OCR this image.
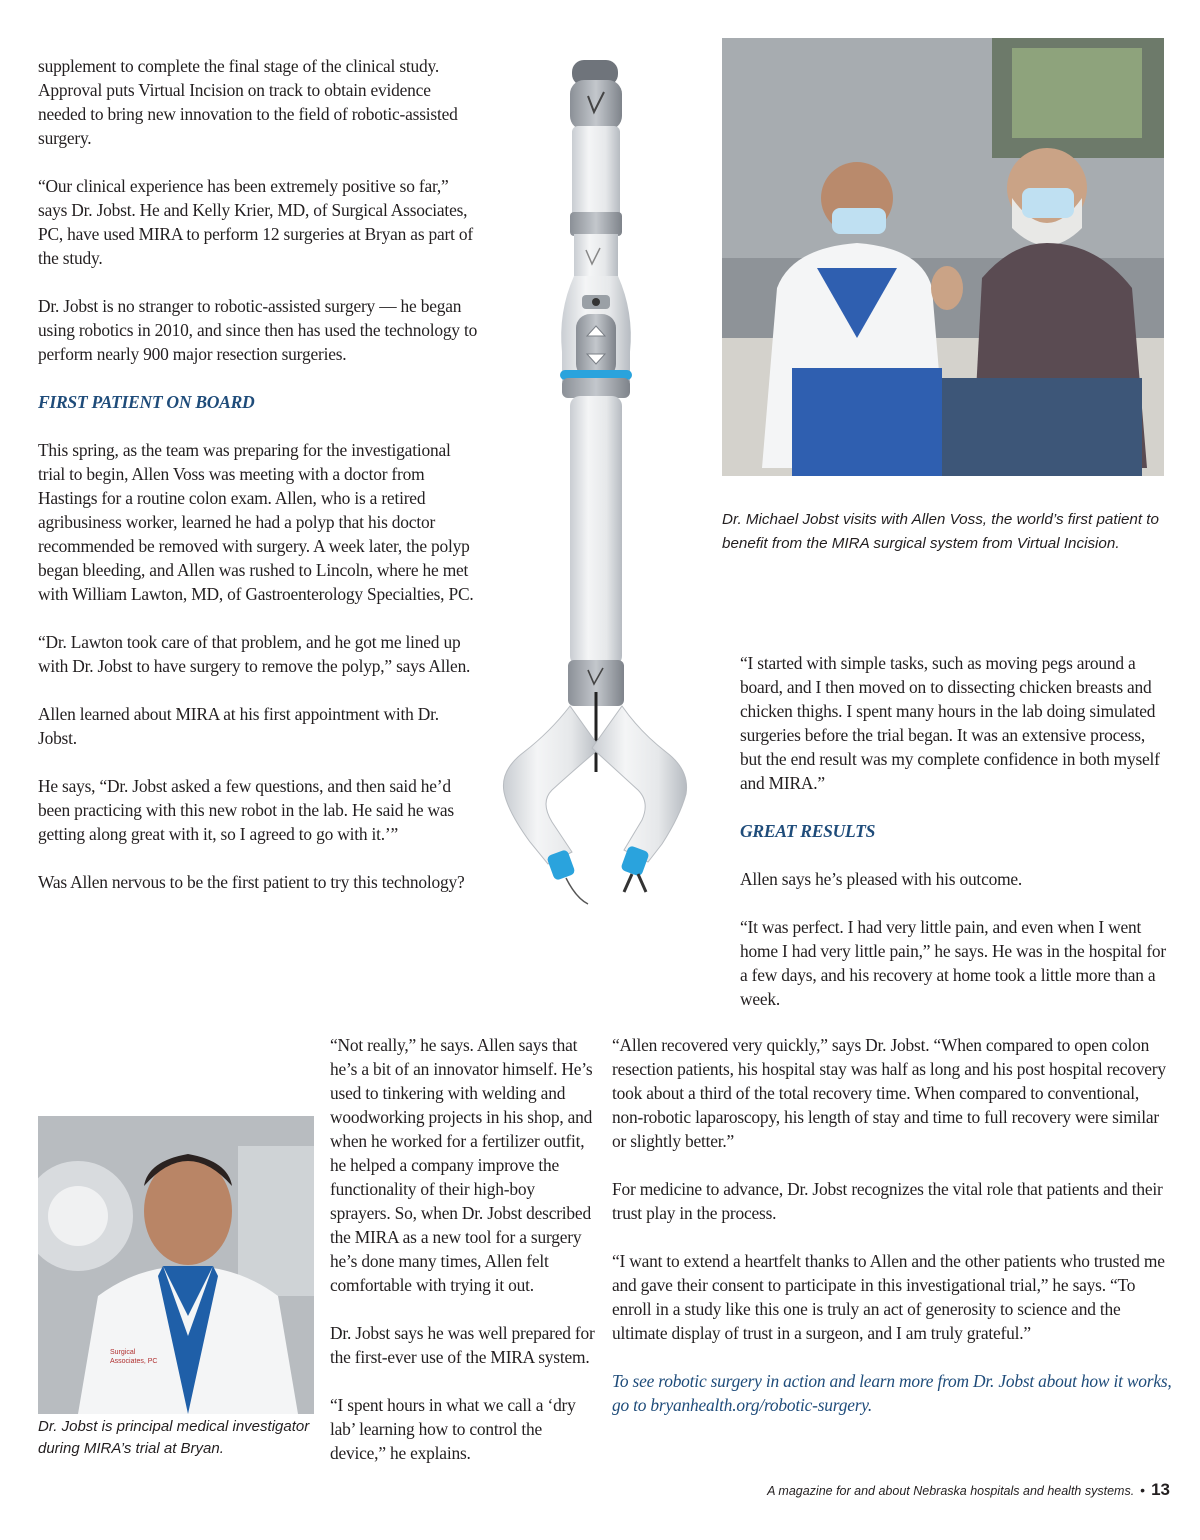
supplement to complete the final stage of the clinical study. Approval puts Virtual Incision on track to obtain evidence needed to bring new innovation to the field of robotic-assisted surgery.

“Our clinical experience has been extremely positive so far,” says Dr. Jobst. He and Kelly Krier, MD, of Surgical Associates, PC, have used MIRA to perform 12 surgeries at Bryan as part of the study.

Dr. Jobst is no stranger to robotic-assisted surgery — he began using robotics in 2010, and since then has used the technology to perform nearly 900 major resection surgeries.

FIRST PATIENT ON BOARD

This spring, as the team was preparing for the investigational trial to begin, Allen Voss was meeting with a doctor from Hastings for a routine colon exam. Allen, who is a retired agribusiness worker, learned he had a polyp that his doctor recommended be removed with surgery. A week later, the polyp began bleeding, and Allen was rushed to Lincoln, where he met with William Lawton, MD, of Gastroenterology Specialties, PC.

“Dr. Lawton took care of that problem, and he got me lined up with Dr. Jobst to have surgery to remove the polyp,” says Allen.

Allen learned about MIRA at his first appointment with Dr. Jobst.

He says, “Dr. Jobst asked a few questions, and then said he’d been practicing with this new robot in the lab. He said he was getting along great with it, so I agreed to go with it.’”

Was Allen nervous to be the first patient to try this technology?

Dr. Michael Jobst visits with Allen Voss, the world’s first patient to benefit from the MIRA surgical system from Virtual Incision.

“I started with simple tasks, such as moving pegs around a board, and I then moved on to dissecting chicken breasts and chicken thighs. I spent many hours in the lab doing simulated surgeries before the trial began. It was an extensive process, but the end result was my complete confidence in both myself and MIRA.”

GREAT RESULTS

Allen says he’s pleased with his outcome.

“It was perfect. I had very little pain, and even when I went home I had very little pain,” he says. He was in the hospital for a few days, and his recovery at home took a little more than a week.

“Not really,” he says. Allen says that he’s a bit of an innovator himself. He’s used to tinkering with welding and woodworking projects in his shop, and when he worked for a fertilizer outfit, he helped a company improve the functionality of their high-boy sprayers. So, when Dr. Jobst described the MIRA as a new tool for a surgery he’s done many times, Allen felt comfortable with trying it out.

Dr. Jobst says he was well prepared for the first-ever use of the MIRA system.

“I spent hours in what we call a ‘dry lab’ learning how to control the device,” he explains.

Surgical
Associates, PC

Dr. Jobst is principal medical investigator during MIRA’s trial at Bryan.

“Allen recovered very quickly,” says Dr. Jobst. “When compared to open colon resection patients, his hospital stay was half as long and his post hospital recovery took about a third of the total recovery time. When compared to conventional, non-robotic laparoscopy, his length of stay and time to full recovery were similar or slightly better.”

For medicine to advance, Dr. Jobst recognizes the vital role that patients and their trust play in the process.

“I want to extend a heartfelt thanks to Allen and the other patients who trusted me and gave their consent to participate in this investigational trial,” he says. “To enroll in a study like this one is truly an act of generosity to science and the ultimate display of trust in a surgeon, and I am truly grateful.”

To see robotic surgery in action and learn more from Dr. Jobst about how it works, go to bryanhealth.org/robotic-surgery.

A magazine for and about Nebraska hospitals and health systems. • 13
